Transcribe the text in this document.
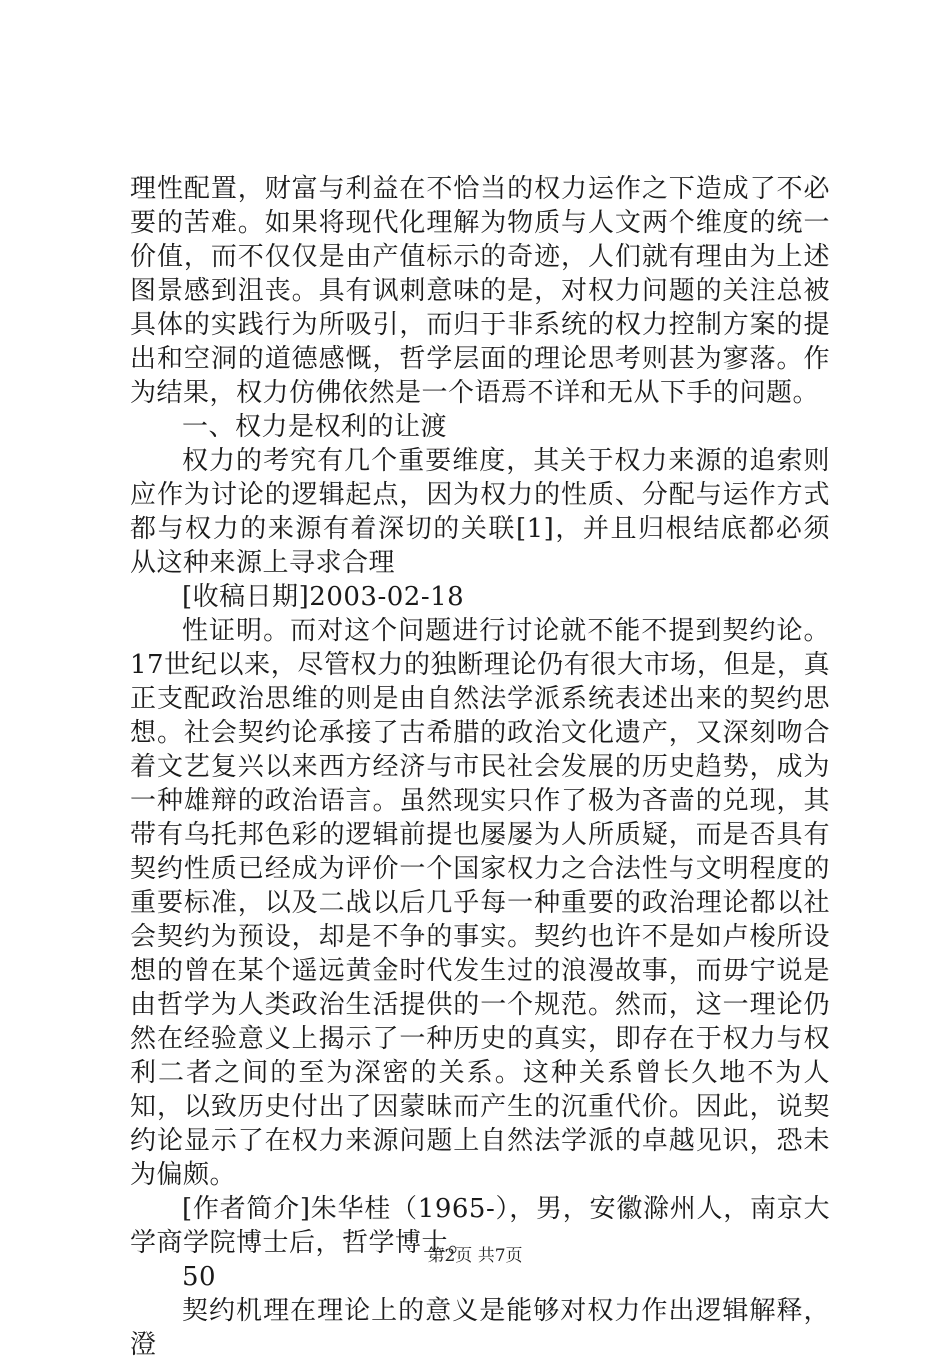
理性配置，财富与利益在不恰当的权力运作之下造成了不必要的苦难。如果将现代化理解为物质与人文两个维度的统一价值，而不仅仅是由产值标示的奇迹，人们就有理由为上述图景感到沮丧。具有讽刺意味的是，对权力问题的关注总被具体的实践行为所吸引，而归于非系统的权力控制方案的提出和空洞的道德感慨，哲学层面的理论思考则甚为寥落。作为结果，权力仿佛依然是一个语焉不详和无从下手的问题。

一、权力是权利的让渡

权力的考究有几个重要维度，其关于权力来源的追索则应作为讨论的逻辑起点，因为权力的性质、分配与运作方式都与权力的来源有着深切的关联[1]，并且归根结底都必须从这种来源上寻求合理

[收稿日期]2003-02-18

性证明。而对这个问题进行讨论就不能不提到契约论。17世纪以来，尽管权力的独断理论仍有很大市场，但是，真正支配政治思维的则是由自然法学派系统表述出来的契约思想。社会契约论承接了古希腊的政治文化遗产，又深刻吻合着文艺复兴以来西方经济与市民社会发展的历史趋势，成为一种雄辩的政治语言。虽然现实只作了极为吝啬的兑现，其带有乌托邦色彩的逻辑前提也屡屡为人所质疑，而是否具有契约性质已经成为评价一个国家权力之合法性与文明程度的重要标准，以及二战以后几乎每一种重要的政治理论都以社会契约为预设，却是不争的事实。契约也许不是如卢梭所设想的曾在某个遥远黄金时代发生过的浪漫故事，而毋宁说是由哲学为人类政治生活提供的一个规范。然而，这一理论仍然在经验意义上揭示了一种历史的真实，即存在于权力与权利二者之间的至为深密的关系。这种关系曾长久地不为人知，以致历史付出了因蒙昧而产生的沉重代价。因此，说契约论显示了在权力来源问题上自然法学派的卓越见识，恐未为偏颇。

[作者简介]朱华桂（1965-），男，安徽滁州人，南京大学商学院博士后，哲学博士。

50

契约机理在理论上的意义是能够对权力作出逻辑解释，澄

第2页 共7页
